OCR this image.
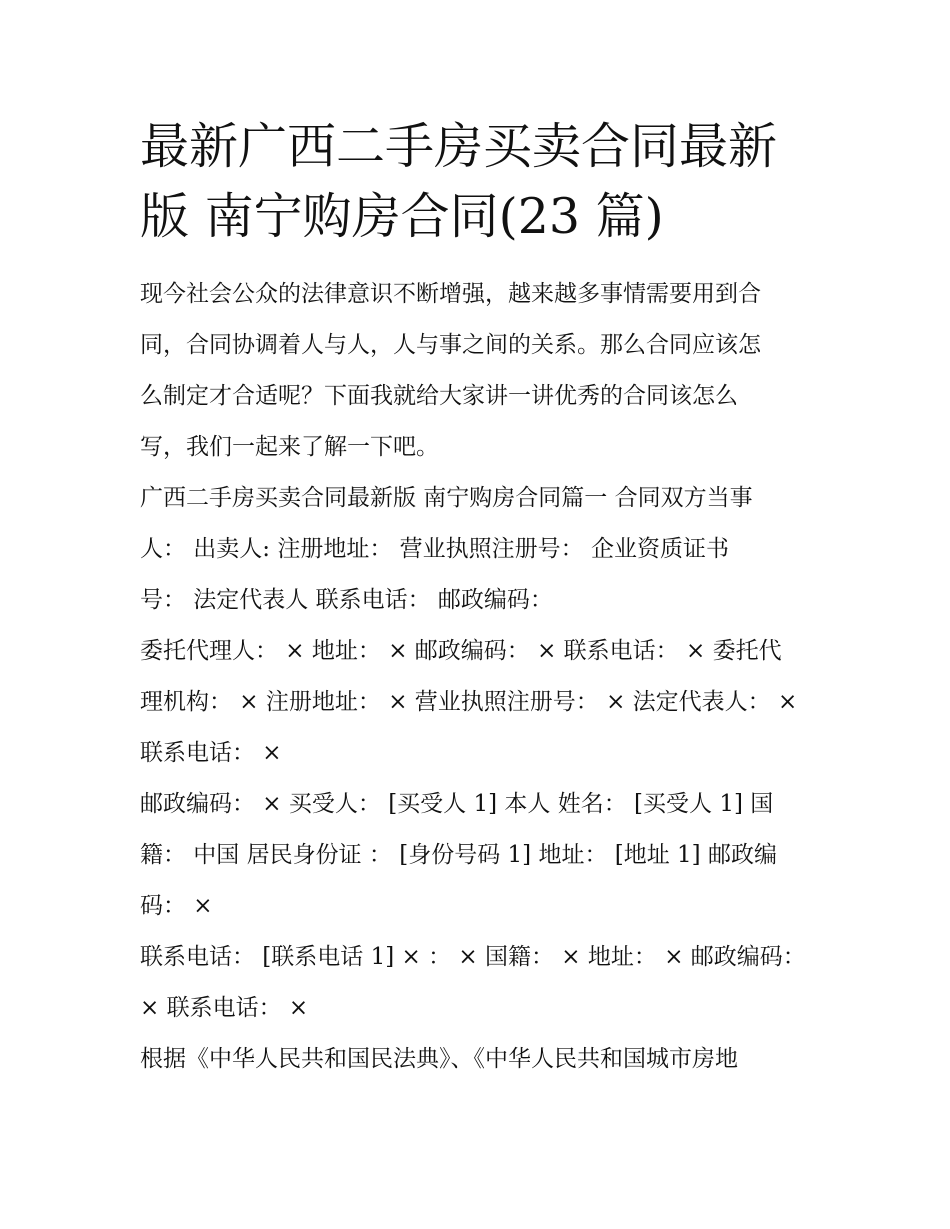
最新广西二手房买卖合同最新
版 南宁购房合同(23 篇)
现今社会公众的法律意识不断增强，越来越多事情需要用到合
同，合同协调着人与人，人与事之间的关系。那么合同应该怎
么制定才合适呢？下面我就给大家讲一讲优秀的合同该怎么
写，我们一起来了解一下吧。
广西二手房买卖合同最新版 南宁购房合同篇一 合同双方当事
人： 出卖人: 注册地址： 营业执照注册号： 企业资质证书
号： 法定代表人 联系电话： 邮政编码：
委托代理人： × 地址： × 邮政编码： × 联系电话： × 委托代
理机构： × 注册地址： × 营业执照注册号： × 法定代表人： ×
联系电话： ×
邮政编码： × 买受人： [买受人 1] 本人 姓名： [买受人 1] 国
籍： 中国 居民身份证 ： [身份号码 1] 地址： [地址 1] 邮政编
码： ×
联系电话： [联系电话 1] × ： × 国籍： × 地址： × 邮政编码：
× 联系电话： ×
根据《中华人民共和国民法典》、《中华人民共和国城市房地
